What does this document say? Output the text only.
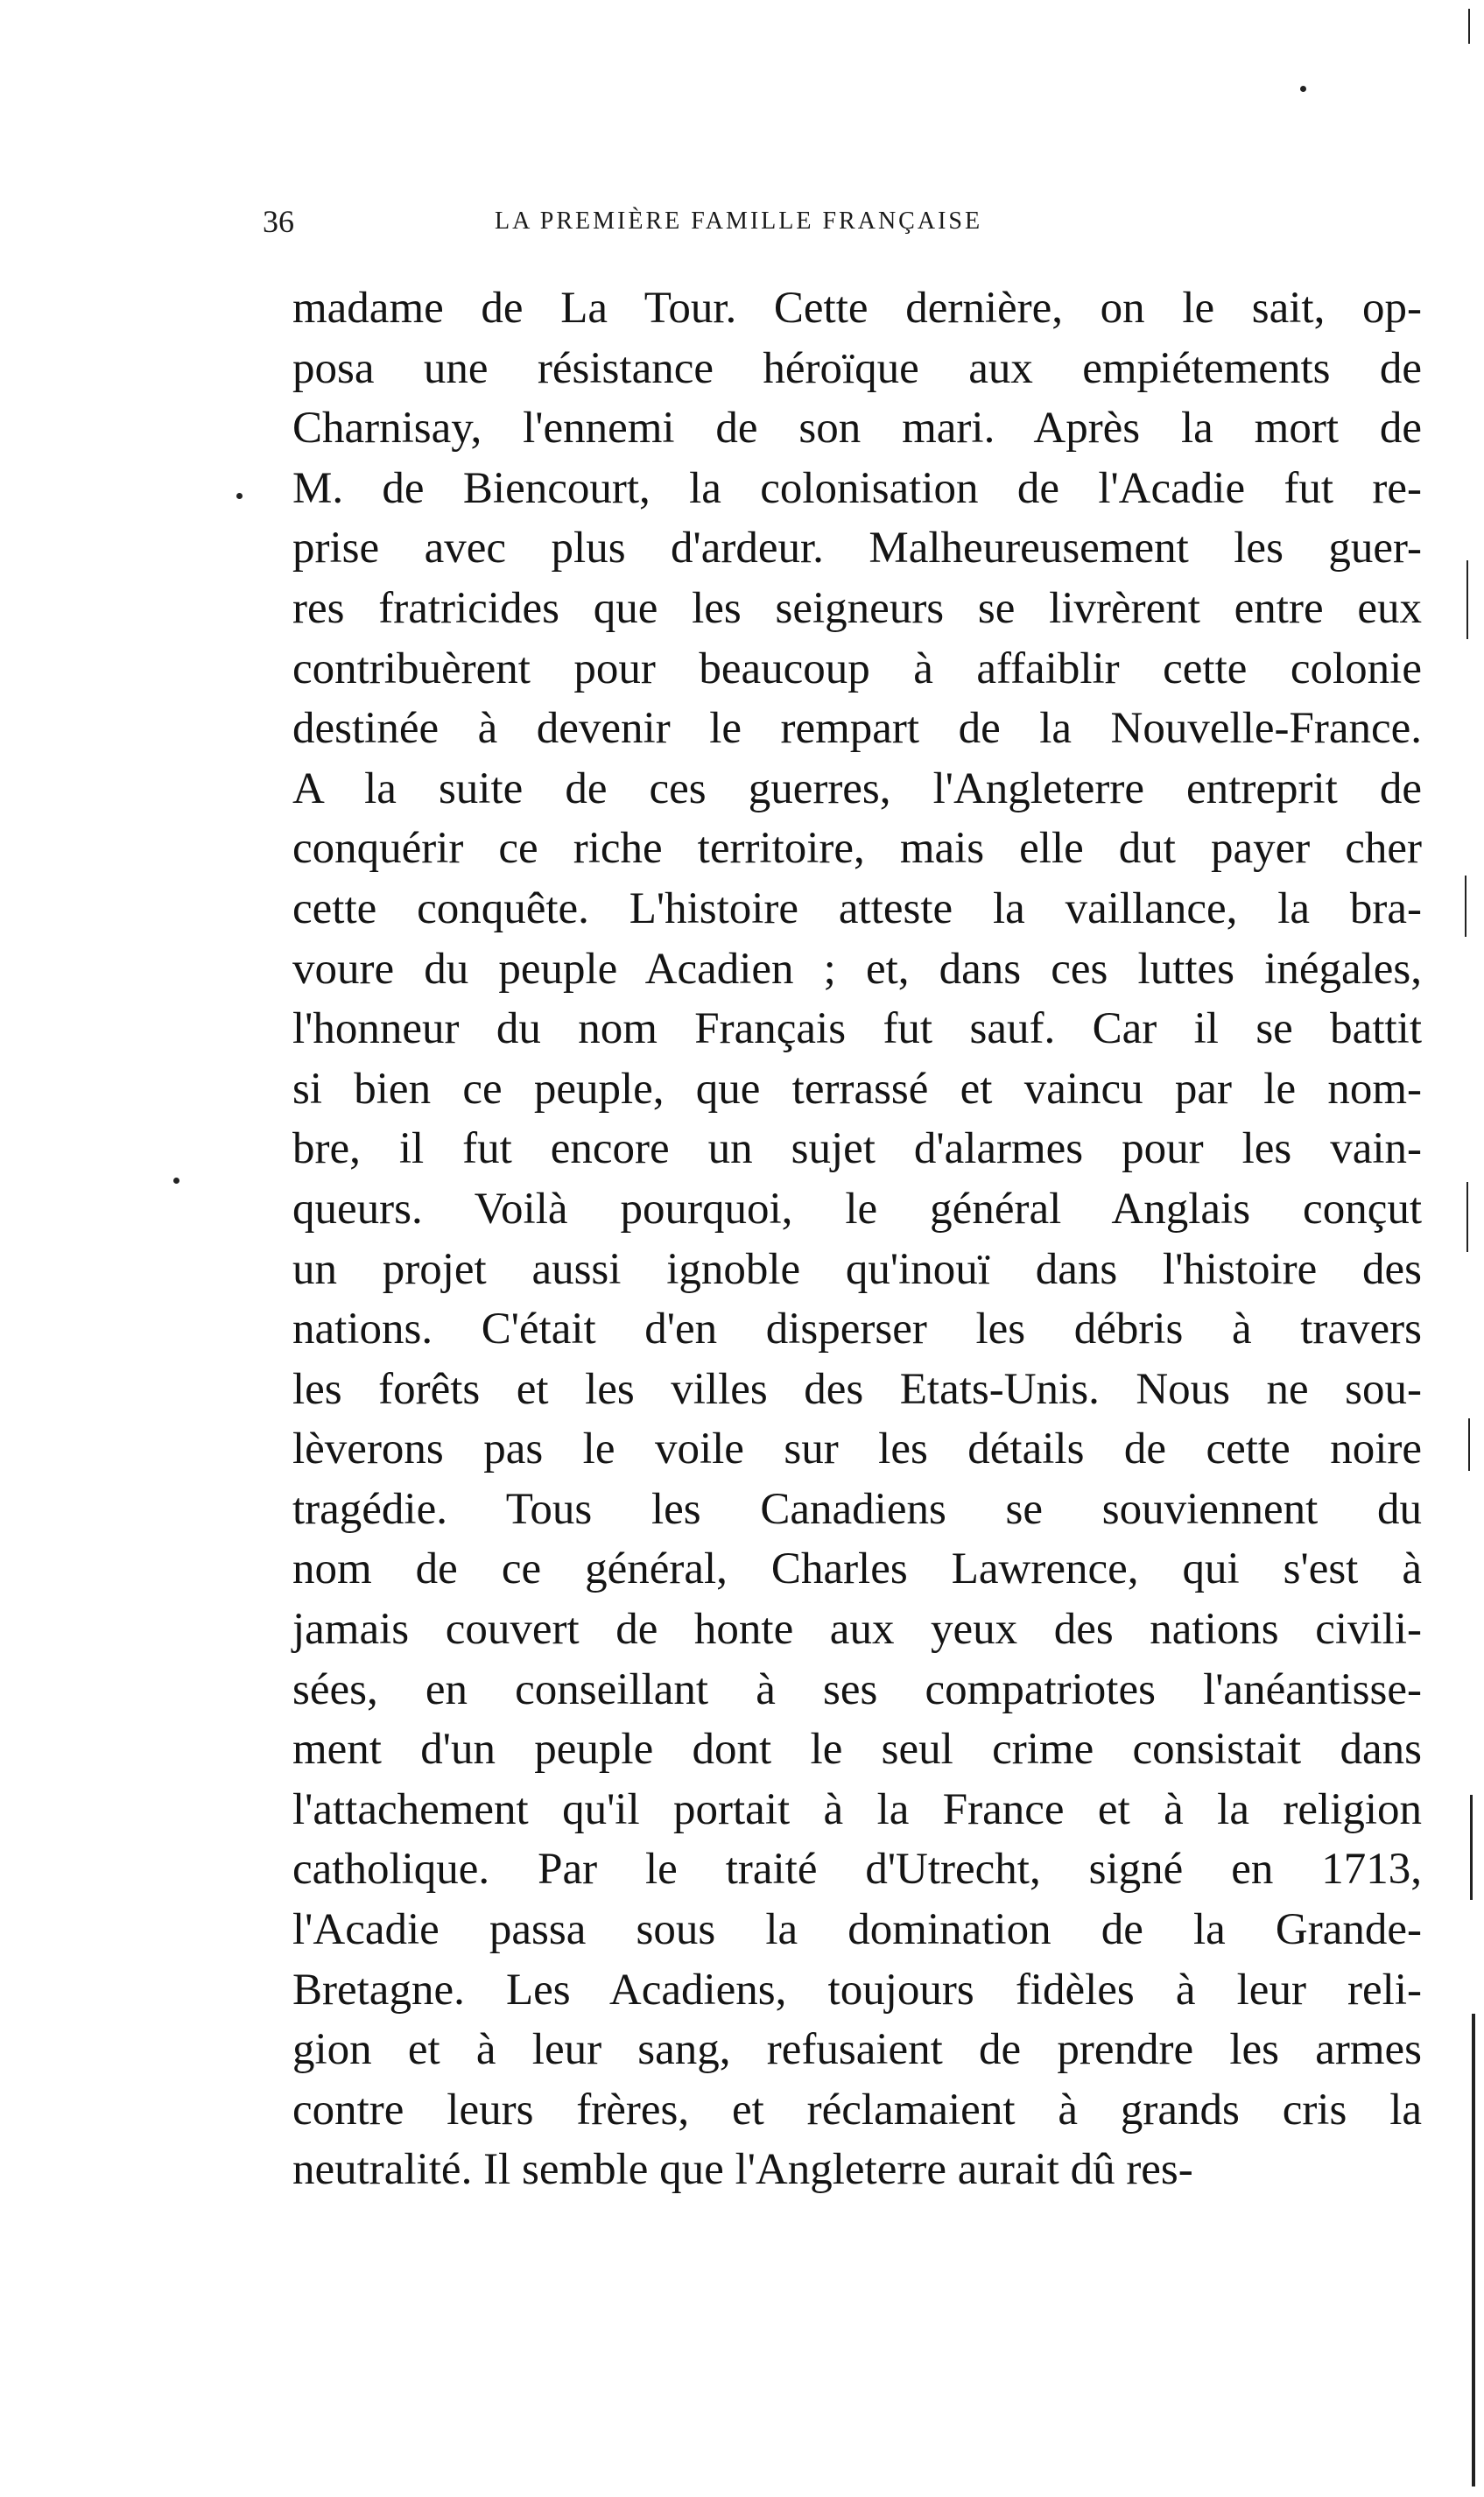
36	LA PREMIÈRE FAMILLE FRANÇAISE
madame de La Tour. Cette dernière, on le sait, op-
posa une résistance héroïque aux empiétements de
Charnisay, l'ennemi de son mari. Après la mort de
M. de Biencourt, la colonisation de l'Acadie fut re-
prise avec plus d'ardeur. Malheureusement les guer-
res fratricides que les seigneurs se livrèrent entre eux
contribuèrent pour beaucoup à affaiblir cette colonie
destinée à devenir le rempart de la Nouvelle-France.
A la suite de ces guerres, l'Angleterre entreprit de
conquérir ce riche territoire, mais elle dut payer cher
cette conquête. L'histoire atteste la vaillance, la bra-
voure du peuple Acadien ; et, dans ces luttes inégales,
l'honneur du nom Français fut sauf. Car il se battit
si bien ce peuple, que terrassé et vaincu par le nom-
bre, il fut encore un sujet d'alarmes pour les vain-
queurs. Voilà pourquoi, le général Anglais conçut
un projet aussi ignoble qu'inouï dans l'histoire des
nations. C'était d'en disperser les débris à travers
les forêts et les villes des Etats-Unis. Nous ne sou-
lèverons pas le voile sur les détails de cette noire
tragédie. Tous les Canadiens se souviennent du
nom de ce général, Charles Lawrence, qui s'est à
jamais couvert de honte aux yeux des nations civili-
sées, en conseillant à ses compatriotes l'anéantisse-
ment d'un peuple dont le seul crime consistait dans
l'attachement qu'il portait à la France et à la religion
catholique. Par le traité d'Utrecht, signé en 1713,
l'Acadie passa sous la domination de la Grande-
Bretagne. Les Acadiens, toujours fidèles à leur reli-
gion et à leur sang, refusaient de prendre les armes
contre leurs frères, et réclamaient à grands cris la
neutralité. Il semble que l'Angleterre aurait dû res-
